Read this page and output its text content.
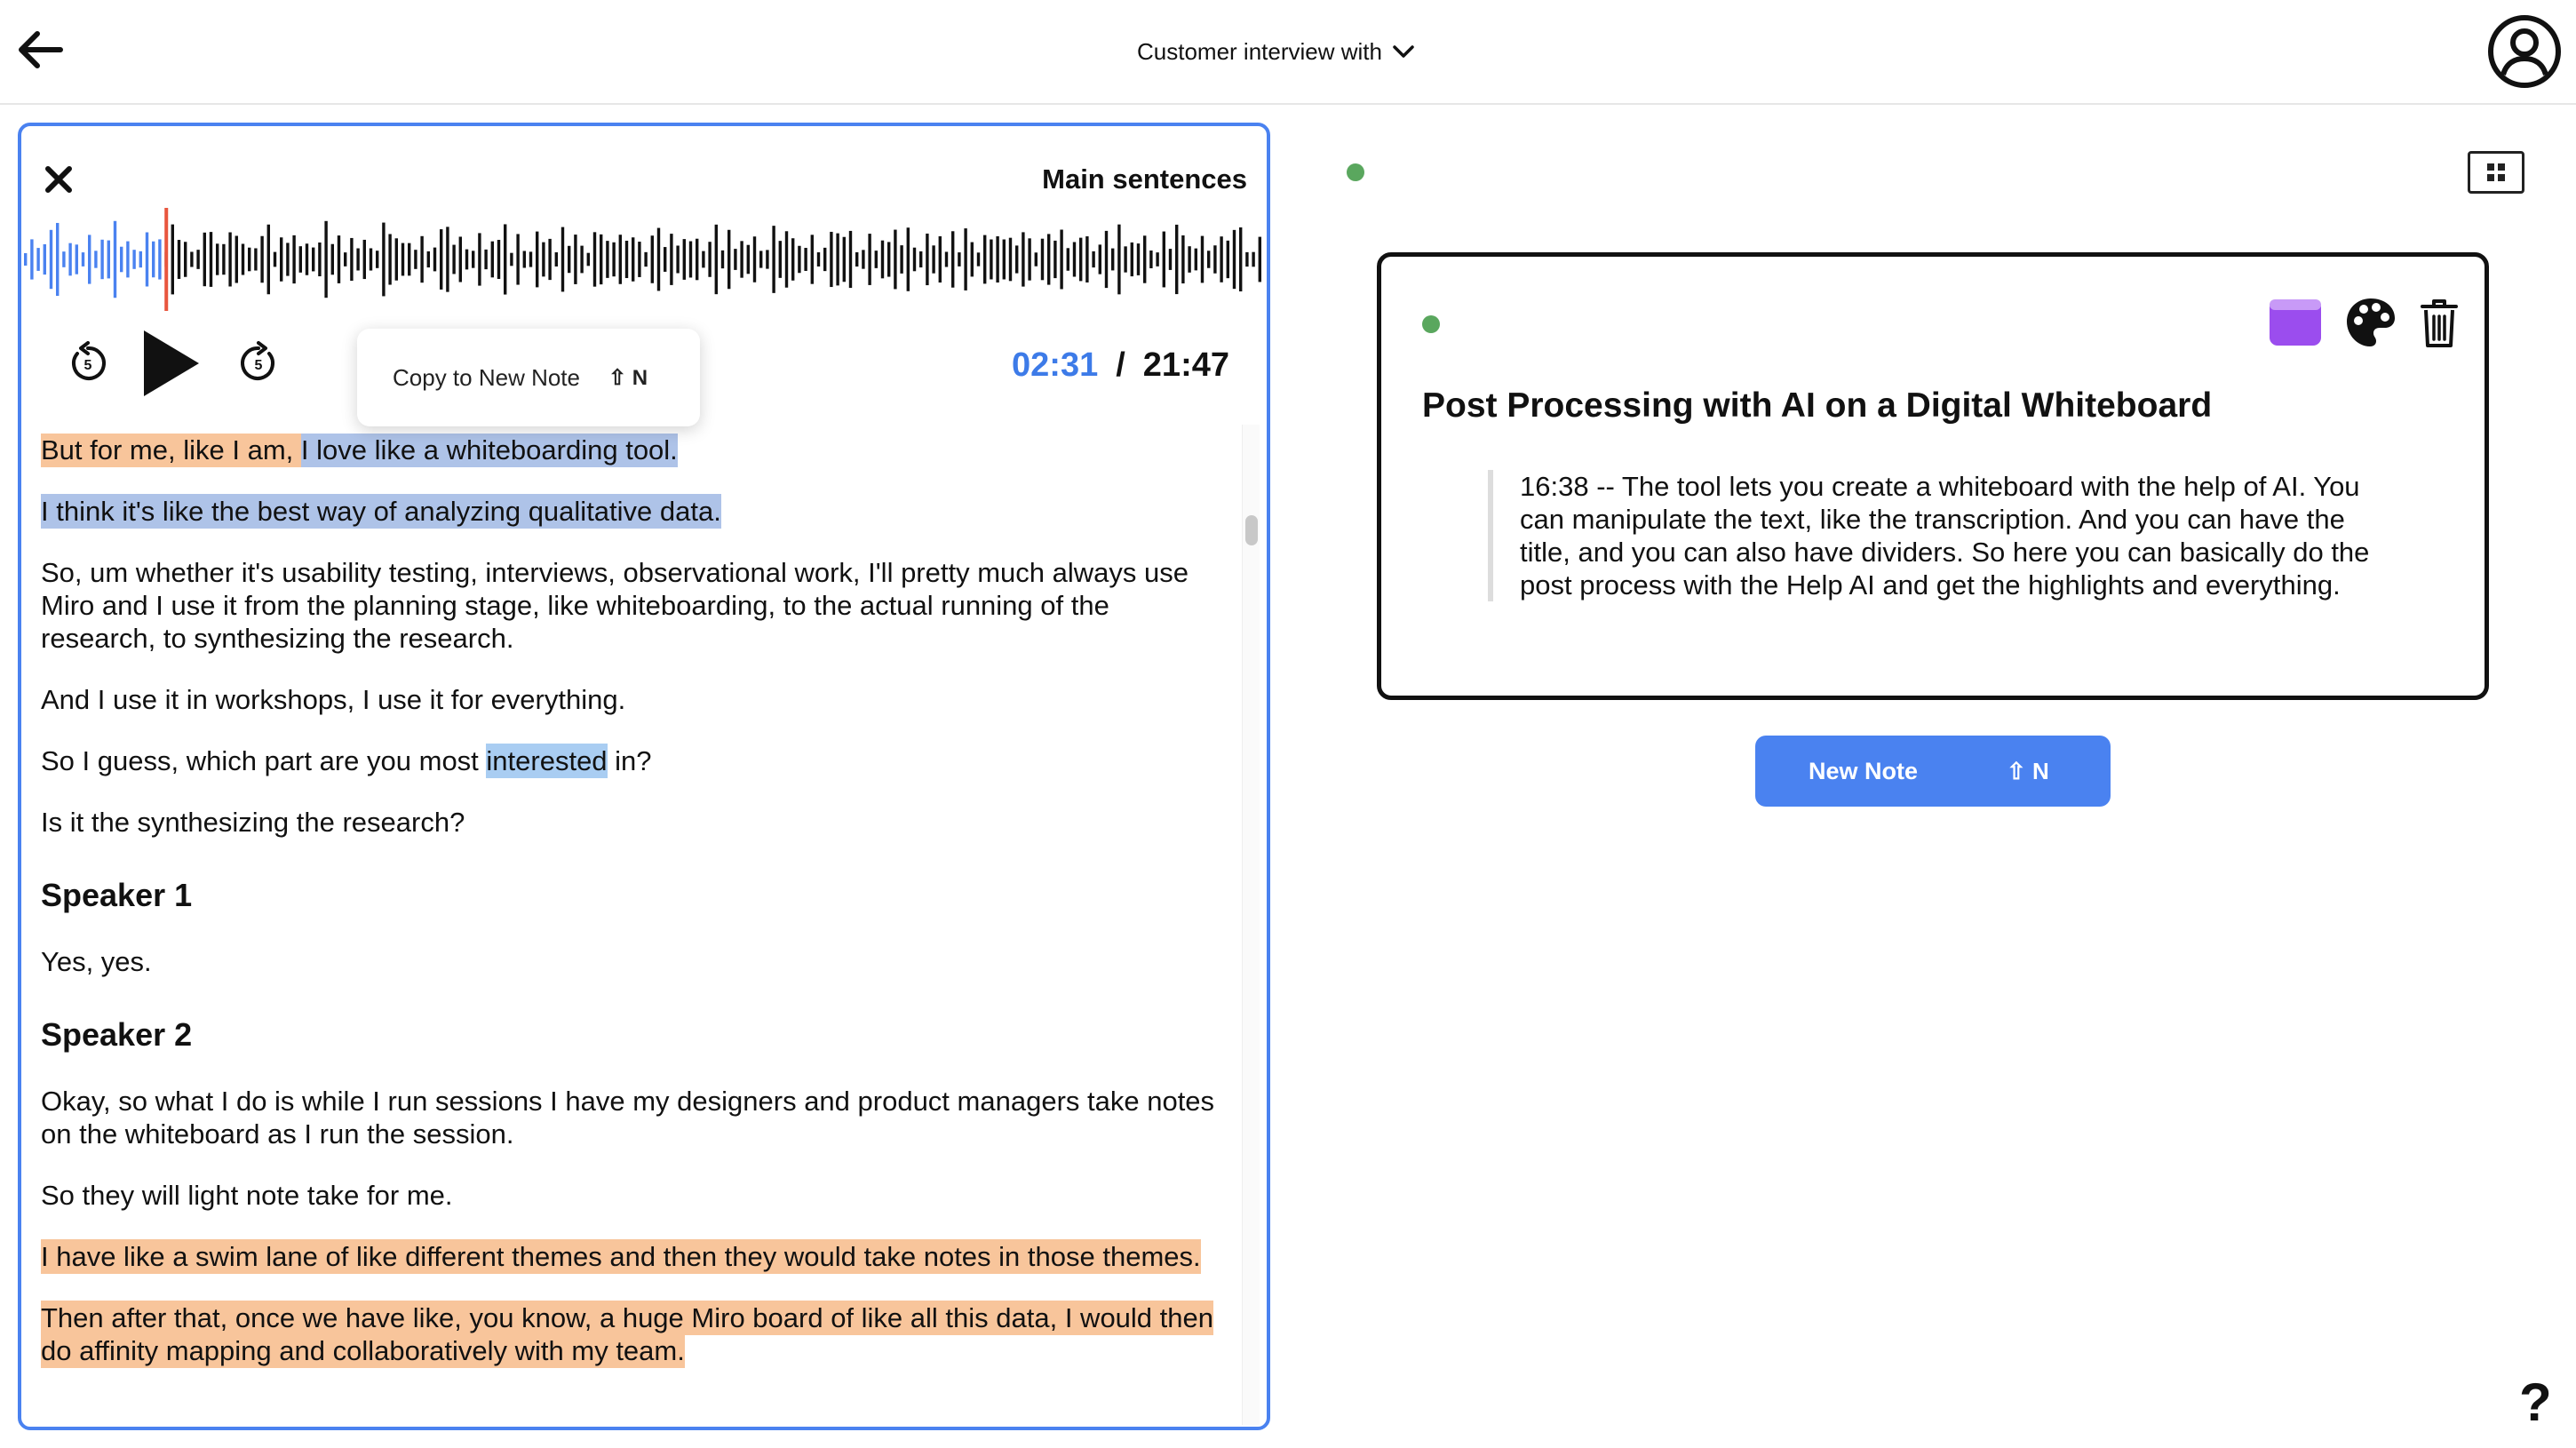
Customer interview with
Main sentences
5	5	02:31 / 21:47
Copy to New Note ⇧ N
But for me, like I am, I love like a whiteboarding tool.
I think it's like the best way of analyzing qualitative data.
So, um whether it's usability testing, interviews, observational work, I'll pretty much always use Miro and I use it from the planning stage, like whiteboarding, to the actual running of the research, to synthesizing the research.
And I use it in workshops, I use it for everything.
So I guess, which part are you most interested in?
Is it the synthesizing the research?
Speaker 1
Yes, yes.
Speaker 2
Okay, so what I do is while I run sessions I have my designers and product managers take notes on the whiteboard as I run the session.
So they will light note take for me.
I have like a swim lane of like different themes and then they would take notes in those themes.
Then after that, once we have like, you know, a huge Miro board of like all this data, I would then do affinity mapping and collaboratively with my team.
Post Processing with AI on a Digital Whiteboard
16:38 -- The tool lets you create a whiteboard with the help of AI. You can manipulate the text, like the transcription. And you can have the title, and you can also have dividers. So here you can basically do the post process with the Help AI and get the highlights and everything.
New Note	⇧ N
?
